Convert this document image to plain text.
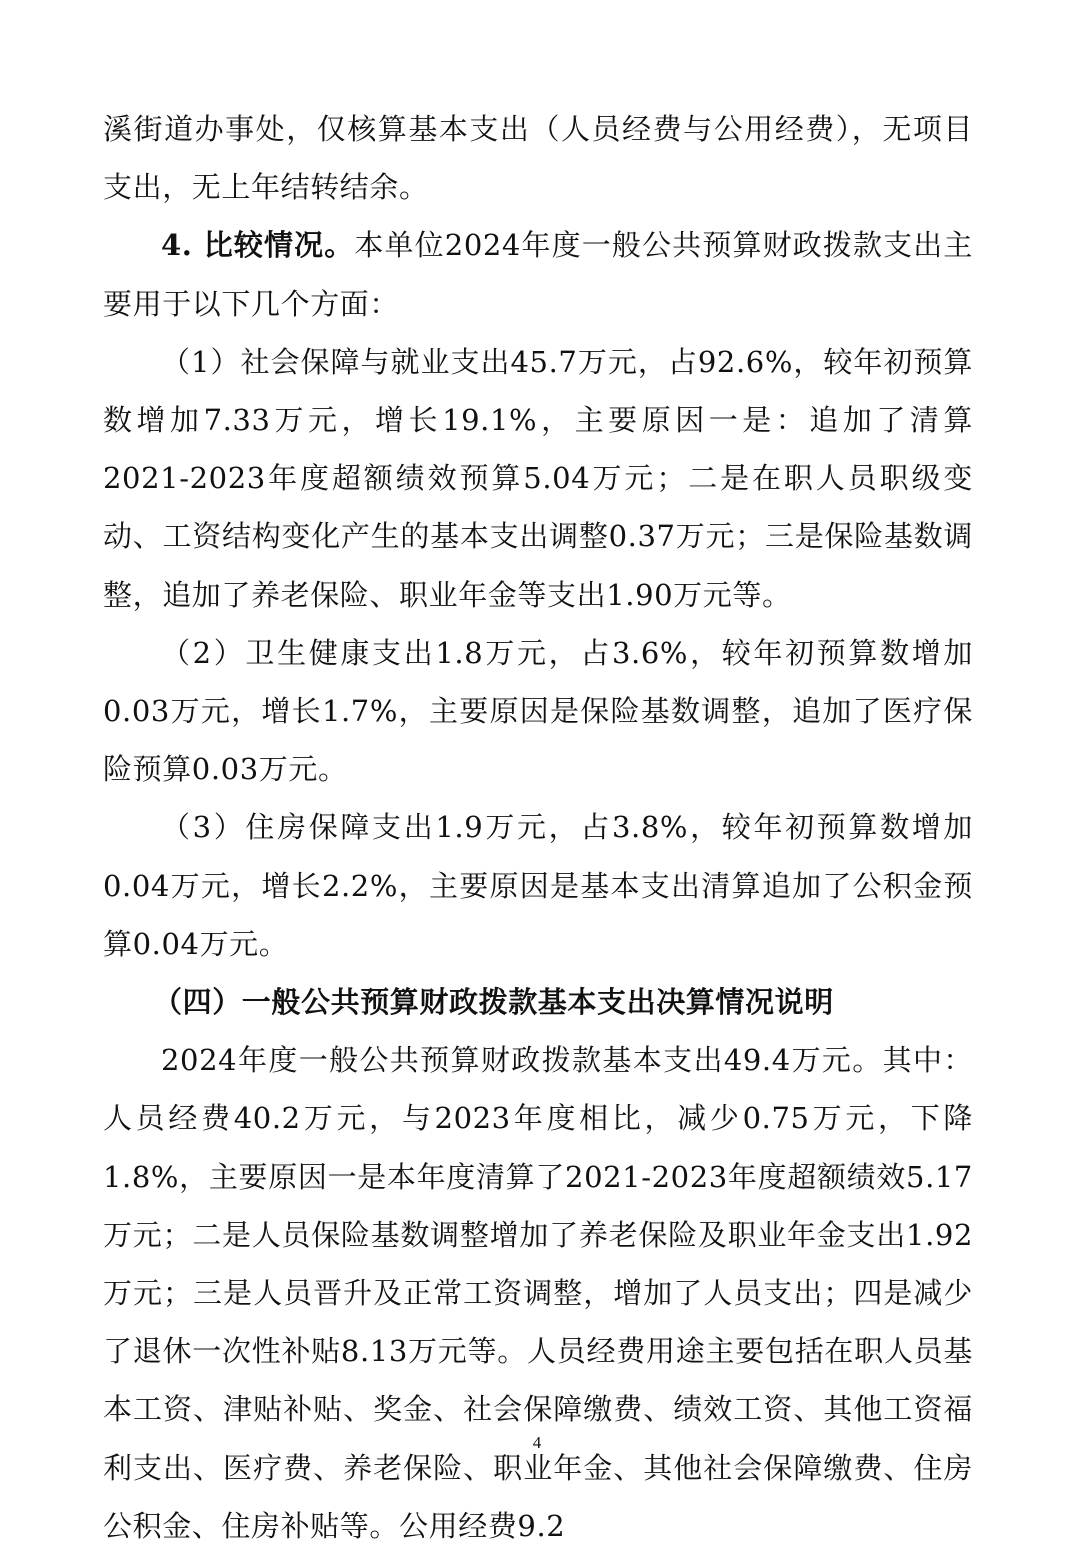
溪街道办事处，仅核算基本支出（人员经费与公用经费），无项目支出，无上年结转结余。

4. 比较情况。本单位2024年度一般公共预算财政拨款支出主要用于以下几个方面：

（1）社会保障与就业支出45.7万元，占92.6%，较年初预算数增加7.33万元，增长19.1%，主要原因一是：追加了清算2021-2023年度超额绩效预算5.04万元；二是在职人员职级变动、工资结构变化产生的基本支出调整0.37万元；三是保险基数调整，追加了养老保险、职业年金等支出1.90万元等。

（2）卫生健康支出1.8万元，占3.6%，较年初预算数增加0.03万元，增长1.7%，主要原因是保险基数调整，追加了医疗保险预算0.03万元。

（3）住房保障支出1.9万元，占3.8%，较年初预算数增加0.04万元，增长2.2%，主要原因是基本支出清算追加了公积金预算0.04万元。

（四）一般公共预算财政拨款基本支出决算情况说明

2024年度一般公共预算财政拨款基本支出49.4万元。其中：人员经费40.2万元，与2023年度相比，减少0.75万元，下降1.8%，主要原因一是本年度清算了2021-2023年度超额绩效5.17万元；二是人员保险基数调整增加了养老保险及职业年金支出1.92万元；三是人员晋升及正常工资调整，增加了人员支出；四是减少了退休一次性补贴8.13万元等。人员经费用途主要包括在职人员基本工资、津贴补贴、奖金、社会保障缴费、绩效工资、其他工资福利支出、医疗费、养老保险、职业年金、其他社会保障缴费、住房公积金、住房补贴等。公用经费9.2

4
